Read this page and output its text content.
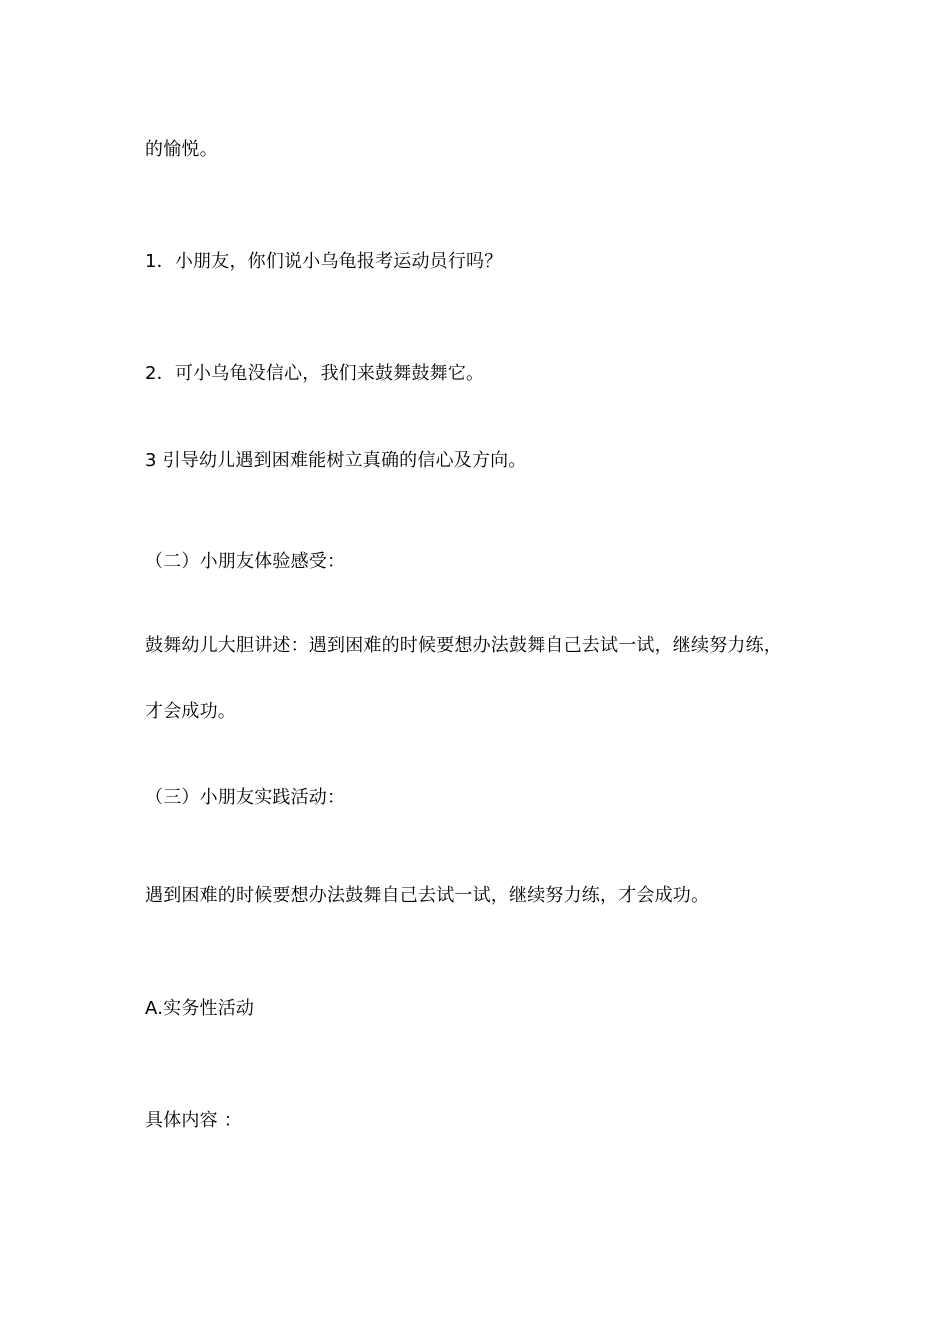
的愉悦。
1．小朋友，你们说小乌龟报考运动员行吗？
2．可小乌龟没信心，我们来鼓舞鼓舞它。
3 引导幼儿遇到困难能树立真确的信心及方向。
（二）小朋友体验感受：
鼓舞幼儿大胆讲述：遇到困难的时候要想办法鼓舞自己去试一试，继续努力练，
才会成功。
（三）小朋友实践活动：
遇到困难的时候要想办法鼓舞自己去试一试，继续努力练，才会成功。
A.实务性活动
具体内容 ：
